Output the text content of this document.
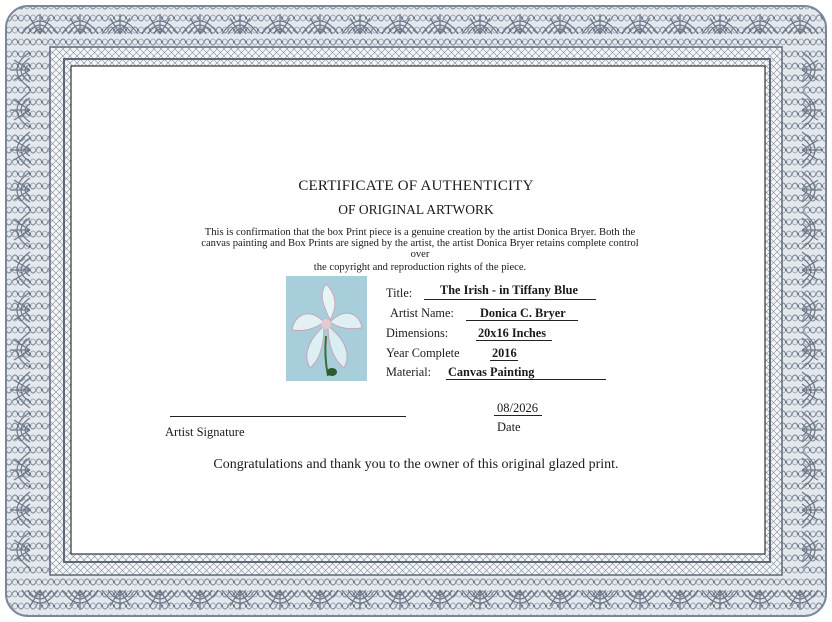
CERTIFICATE OF AUTHENTICITY
OF ORIGINAL ARTWORK
This is confirmation that the box Print piece is a genuine creation by the artist Donica Bryer. Both the
canvas painting and Box Prints are signed by the artist, the artist Donica Bryer retains complete control
over
the copyright and reproduction rights of the piece.
Title: The Irish - in Tiffany Blue
Artist Name: Donica C. Bryer
Dimensions: 20x16 Inches
Year Complete	2016
Material: Canvas Painting
Artist Signature
08/2026
Date
Congratulations and thank you to the owner of this original glazed print.
